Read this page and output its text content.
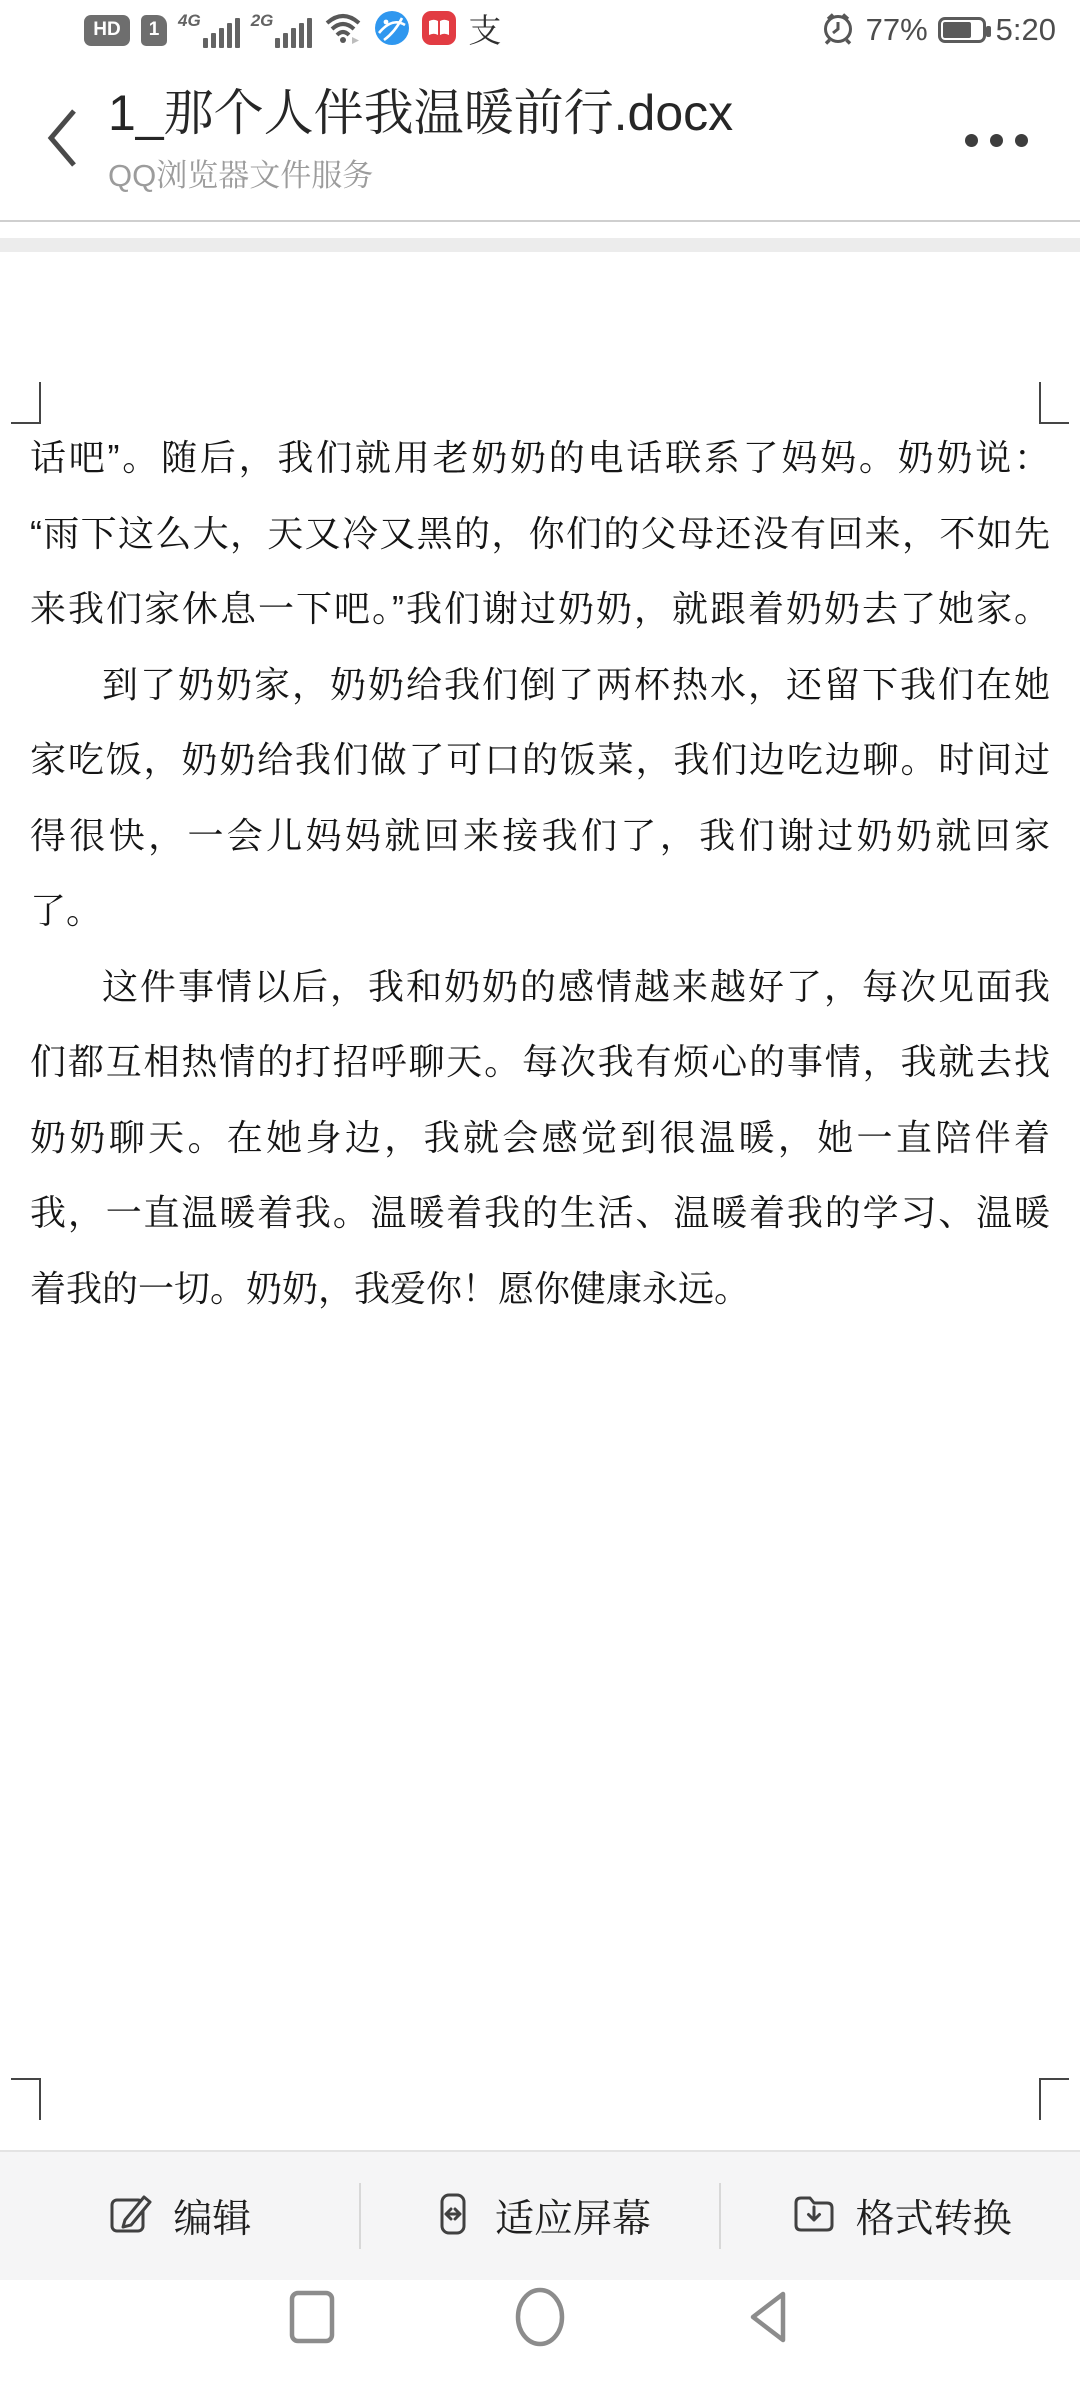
HD	1	4G	2G	支	77% 5:20
1_那个人伴我温暖前行.docx
QQ浏览器文件服务
话吧”。随后，我们就用老奶奶的电话联系了妈妈。奶奶说：
“雨下这么大，天又冷又黑的，你们的父母还没有回来，不如先
来我们家休息一下吧。”我们谢过奶奶，就跟着奶奶去了她家。
到了奶奶家，奶奶给我们倒了两杯热水，还留下我们在她
家吃饭，奶奶给我们做了可口的饭菜，我们边吃边聊。时间过
得很快，一会儿妈妈就回来接我们了，我们谢过奶奶就回家
了。
这件事情以后，我和奶奶的感情越来越好了，每次见面我
们都互相热情的打招呼聊天。每次我有烦心的事情，我就去找
奶奶聊天。在她身边，我就会感觉到很温暖，她一直陪伴着
我，一直温暖着我。温暖着我的生活、温暖着我的学习、温暖
着我的一切。奶奶，我爱你！愿你健康永远。
编辑	适应屏幕	格式转换
